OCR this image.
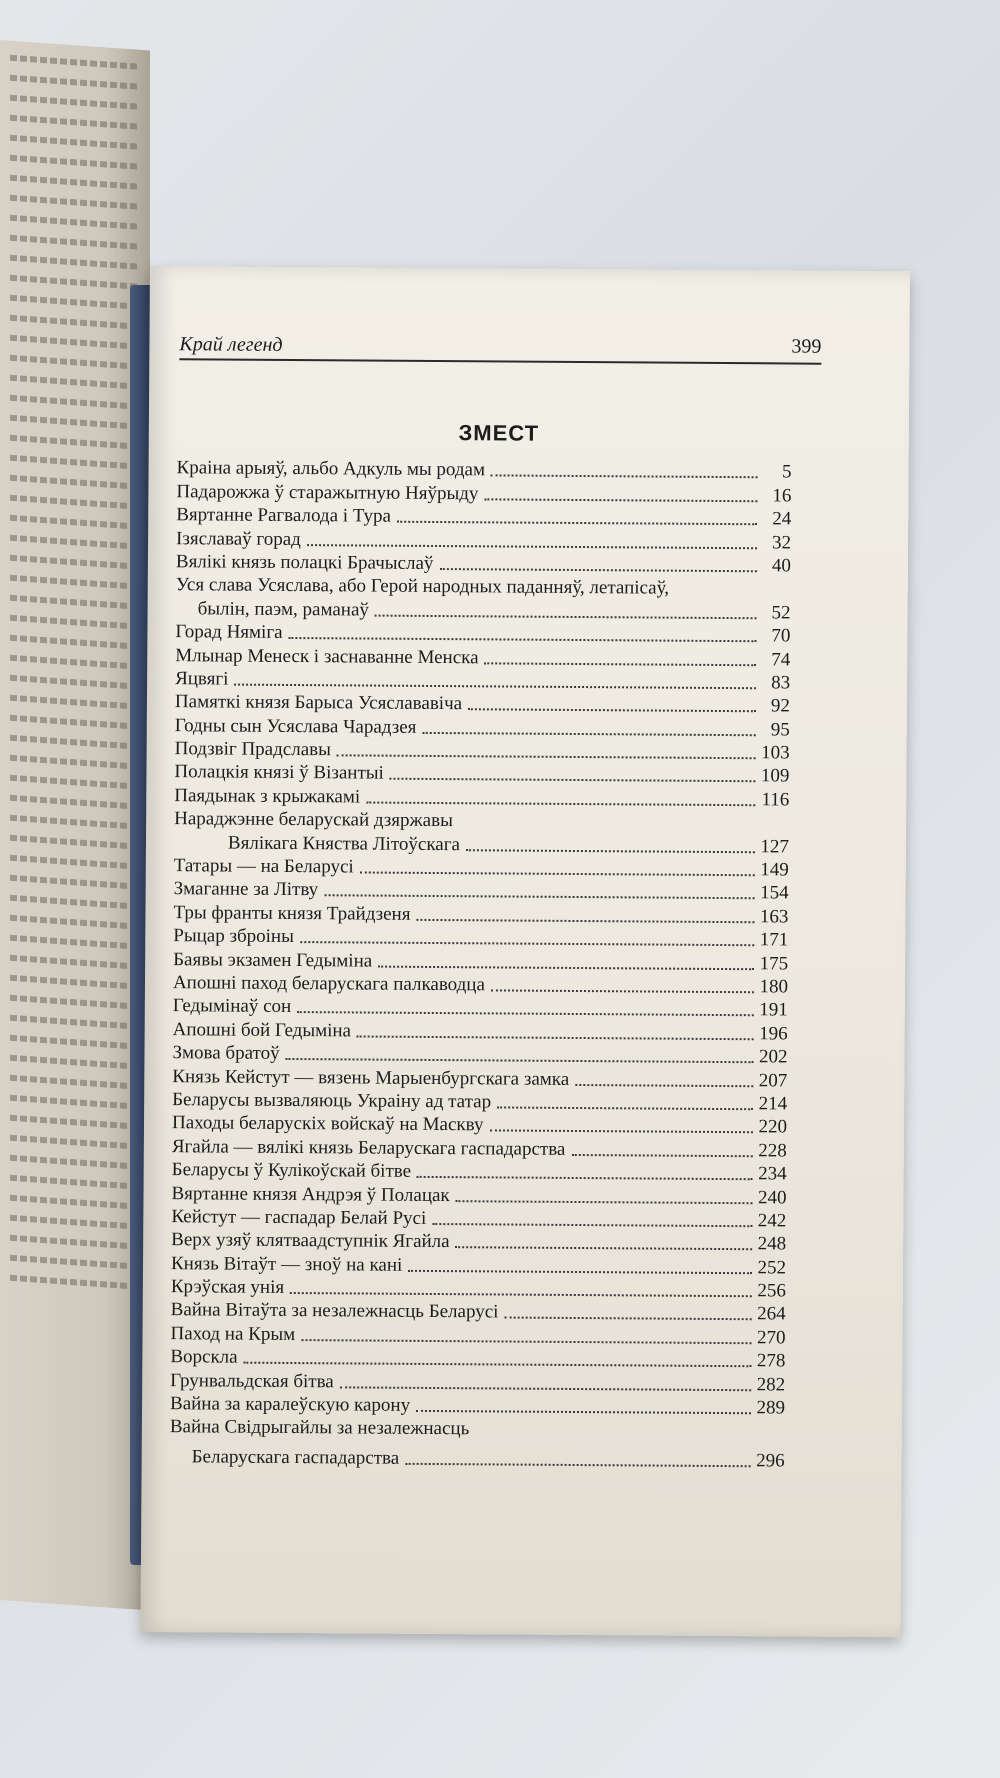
Край легенд	399
ЗМЕСТ
Краіна арыяў, альбо Адкуль мы родам	5
Падарожжа ў старажытную Няўрыду	16
Вяртанне Рагвалода і Тура	24
Ізяславаў горад	32
Вялікі князь полацкі Брачыслаў	40
Уся слава Усяслава, або Герой народных паданняў, летапісаў,
былін, паэм, раманаў	52
Горад Няміга	70
Млынар Менеск і заснаванне Менска	74
Яцвягі	83
Памяткі князя Барыса Усяслававіча	92
Годны сын Усяслава Чарадзея	95
Подзвіг Прадславы	103
Полацкія князі ў Візантыі	109
Паядынак з крыжакамі	116
Нараджэнне беларускай дзяржавы
Вялікага Княства Літоўскага	127
Татары — на Беларусі	149
Змаганне за Літву	154
Тры франты князя Трайдзеня	163
Рыцар зброіны	171
Баявы экзамен Гедыміна	175
Апошні паход беларускага палкаводца	180
Гедымінаў сон	191
Апошні бой Гедыміна	196
Змова братоў	202
Князь Кейстут — вязень Марыенбургскага замка	207
Беларусы вызваляюць Украіну ад татар	214
Паходы беларускіх войскаў на Маскву	220
Ягайла — вялікі князь Беларускага гаспадарства	228
Беларусы ў Кулікоўскай бітве	234
Вяртанне князя Андрэя ў Полацак	240
Кейстут — гаспадар Белай Русі	242
Верх узяў клятваадступнік Ягайла	248
Князь Вітаўт — зноў на кані	252
Крэўская унія	256
Вайна Вітаўта за незалежнасць Беларусі	264
Паход на Крым	270
Ворскла	278
Грунвальдская бітва	282
Вайна за каралеўскую карону	289
Вайна Свідрыгайлы за незалежнасць
Беларускага гаспадарства	296
